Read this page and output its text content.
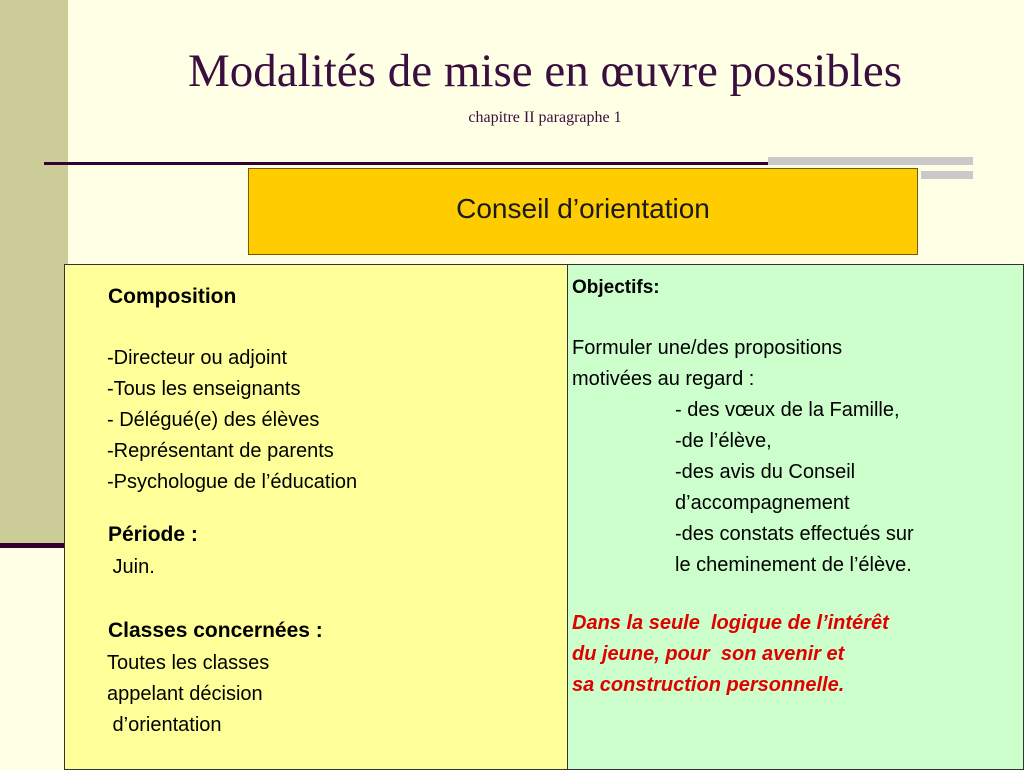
Modalités de mise en œuvre possibles
chapitre II paragraphe 1
Conseil d’orientation
Composition
-Directeur ou adjoint
-Tous les enseignants
- Délégué(e) des élèves
-Représentant de parents
-Psychologue de l’éducation
Période :
Juin.
Classes concernées :
Toutes les classes
appelant décision
d’orientation
Objectifs:
Formuler une/des propositions
motivées au regard :
- des vœux de la Famille,
-de l’élève,
-des avis du Conseil
d’accompagnement
-des constats effectués sur
le cheminement de l’élève.
Dans la seule  logique de l’intérêt
du jeune, pour  son avenir et
sa construction personnelle.
